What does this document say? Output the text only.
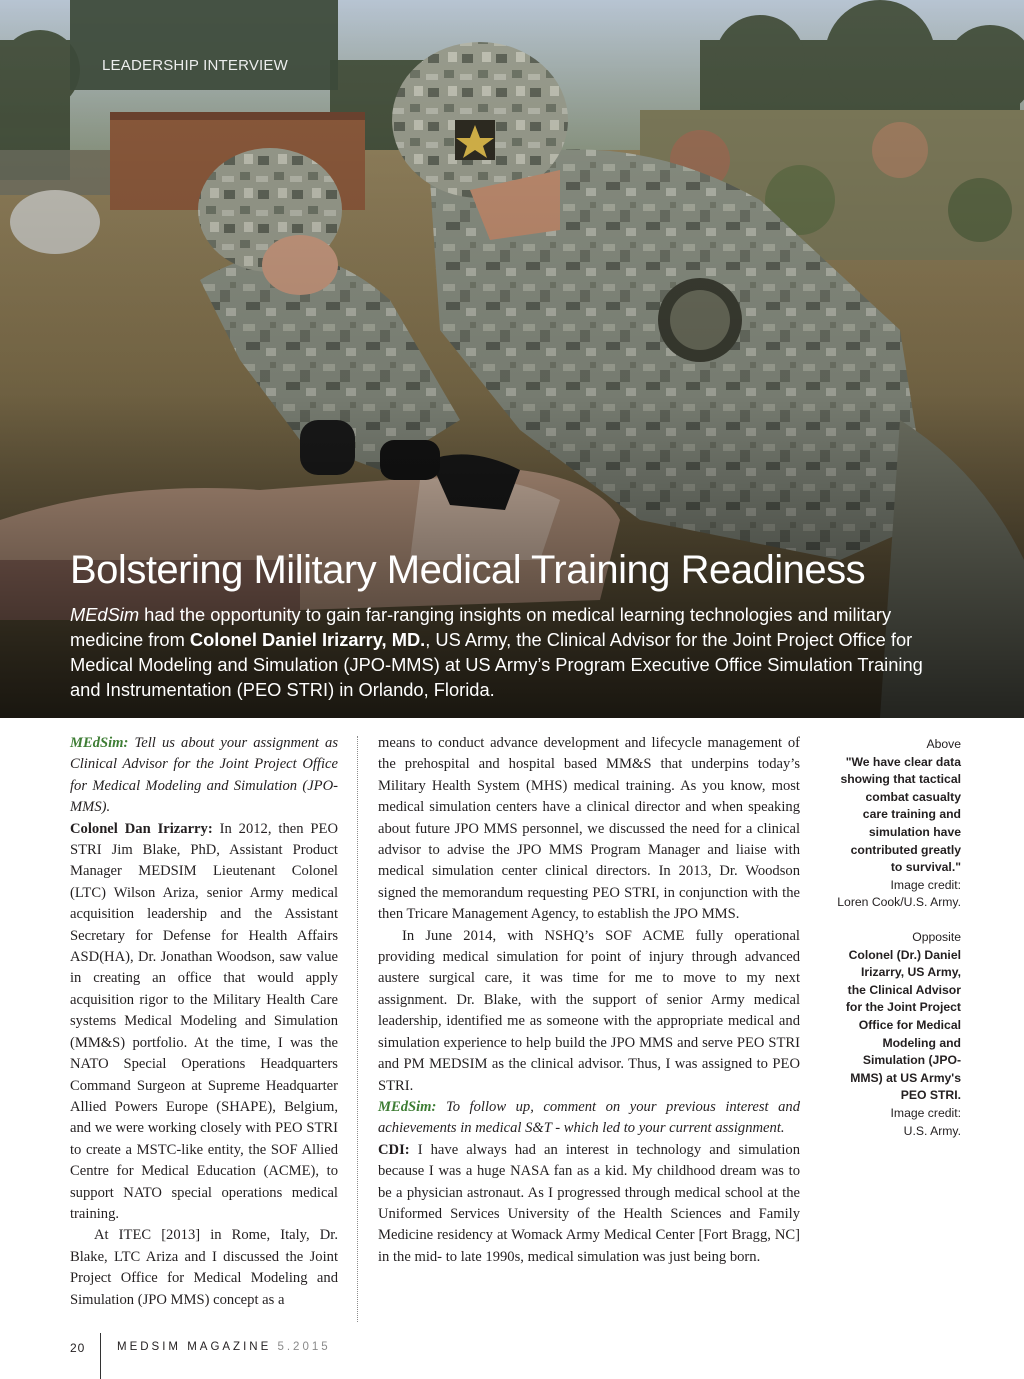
LEADERSHIP INTERVIEW
Bolstering Military Medical Training Readiness

MEdSim had the opportunity to gain far-ranging insights on medical learning technologies and military medicine from Colonel Daniel Irizarry, MD., US Army, the Clinical Advisor for the Joint Project Office for Medical Modeling and Simulation (JPO-MMS) at US Army’s Program Executive Office Simulation Training and Instrumentation (PEO STRI) in Orlando, Florida.

MEdSim: Tell us about your assignment as Clinical Advisor for the Joint Project Office for Medical Modeling and Simulation (JPO-MMS).

Colonel Dan Irizarry: In 2012, then PEO STRI Jim Blake, PhD, Assistant Product Manager MEDSIM Lieutenant Colonel (LTC) Wilson Ariza, senior Army medical acquisition leadership and the Assistant Secretary for Defense for Health Affairs ASD(HA), Dr. Jonathan Woodson, saw value in creating an office that would apply acquisition rigor to the Military Health Care systems Medical Modeling and Simulation (MM&S) portfolio. At the time, I was the NATO Special Operations Headquarters Command Surgeon at Supreme Headquarter Allied Powers Europe (SHAPE), Belgium, and we were working closely with PEO STRI to create a MSTC-like entity, the SOF Allied Centre for Medical Education (ACME), to support NATO special operations medical training.

At ITEC [2013] in Rome, Italy, Dr. Blake, LTC Ariza and I discussed the Joint Project Office for Medical Modeling and Simulation (JPO MMS) concept as a

means to conduct advance development and lifecycle management of the prehospital and hospital based MM&S that underpins today’s Military Health System (MHS) medical training. As you know, most medical simulation centers have a clinical director and when speaking about future JPO MMS personnel, we discussed the need for a clinical advisor to advise the JPO MMS Program Manager and liaise with medical simulation center clinical directors. In 2013, Dr. Woodson signed the memorandum requesting PEO STRI, in conjunction with the then Tricare Management Agency, to establish the JPO MMS.

In June 2014, with NSHQ’s SOF ACME fully operational providing medical simulation for point of injury through advanced austere surgical care, it was time for me to move to my next assignment. Dr. Blake, with the support of senior Army medical leadership, identified me as someone with the appropriate medical and simulation experience to help build the JPO MMS and serve PEO STRI and PM MEDSIM as the clinical advisor. Thus, I was assigned to PEO STRI.

MEdSim: To follow up, comment on your previous interest and achievements in medical S&T - which led to your current assignment.

CDI: I have always had an interest in technology and simulation because I was a huge NASA fan as a kid. My childhood dream was to be a physician astronaut. As I progressed through medical school at the Uniformed Services University of the Health Sciences and Family Medicine residency at Womack Army Medical Center [Fort Bragg, NC] in the mid- to late 1990s, medical simulation was just being born.

Above
"We have clear data
showing that tactical
combat casualty
care training and
simulation have
contributed greatly
to survival."
Image credit:
Loren Cook/U.S. Army.
Opposite
Colonel (Dr.) Daniel
Irizarry, US Army,
the Clinical Advisor
for the Joint Project
Office for Medical
Modeling and
Simulation (JPO-
MMS) at US Army's
PEO STRI.
Image credit:
U.S. Army.
20	MEDSIM MAGAZINE 5.2015
